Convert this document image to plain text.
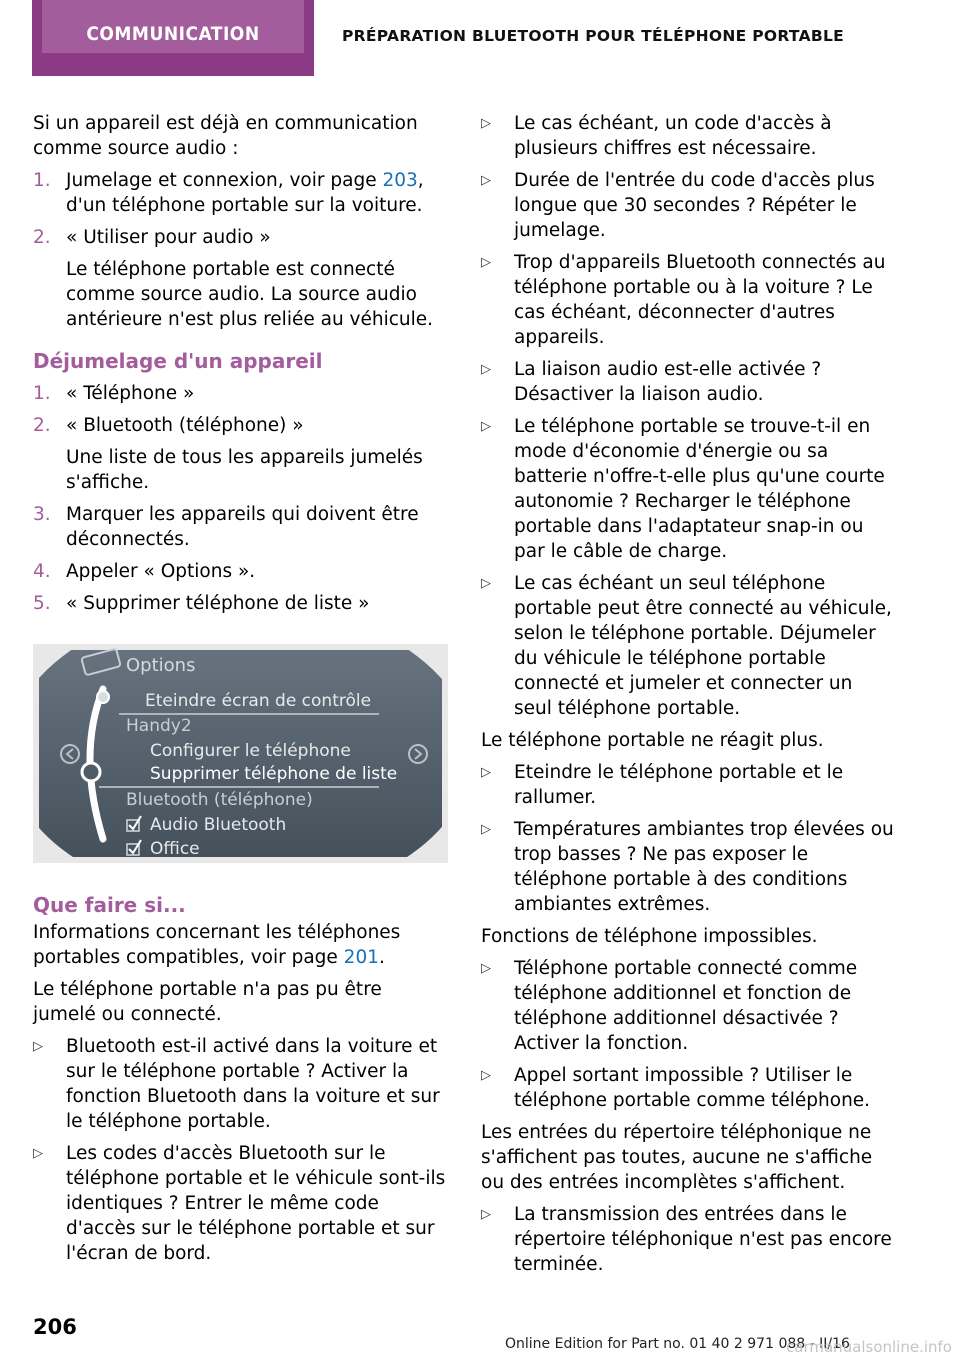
COMMUNICATION	PRÉPARATION BLUETOOTH POUR TÉLÉPHONE PORTABLE

Si un appareil est déjà en communication comme source audio :

1. Jumelage et connexion, voir page 203, d'un téléphone portable sur la voiture.
2. « Utiliser pour audio »
Le téléphone portable est connecté comme source audio. La source audio antérieure n'est plus reliée au véhicule.
Déjumelage d'un appareil
1. « Téléphone »
2. « Bluetooth (téléphone) »
Une liste de tous les appareils jumelés s'affiche.
3. Marquer les appareils qui doivent être déconnectés.
4. Appeler « Options ».
5. « Supprimer téléphone de liste »
Options
Eteindre écran de contrôle
Handy2
Configurer le téléphone
Supprimer téléphone de liste
Bluetooth (téléphone)
Audio Bluetooth
Office
Que faire si...

Informations concernant les téléphones portables compatibles, voir page 201.

Le téléphone portable n'a pas pu être jumelé ou connecté.

▷ Bluetooth est-il activé dans la voiture et sur le téléphone portable ? Activer la fonction Bluetooth dans la voiture et sur le téléphone portable.
▷ Les codes d'accès Bluetooth sur le téléphone portable et le véhicule sont-ils identiques ? Entrer le même code d'accès sur le téléphone portable et sur l'écran de bord.
▷ Le cas échéant, un code d'accès à plusieurs chiffres est nécessaire.
▷ Durée de l'entrée du code d'accès plus longue que 30 secondes ? Répéter le jumelage.
▷ Trop d'appareils Bluetooth connectés au téléphone portable ou à la voiture ? Le cas échéant, déconnecter d'autres appareils.
▷ La liaison audio est-elle activée ? Désactiver la liaison audio.
▷ Le téléphone portable se trouve-t-il en mode d'économie d'énergie ou sa batterie n'offre-t-elle plus qu'une courte autonomie ? Recharger le téléphone portable dans l'adaptateur snap-in ou par le câble de charge.
▷ Le cas échéant un seul téléphone portable peut être connecté au véhicule, selon le téléphone portable. Déjumeler du véhicule le téléphone portable connecté et jumeler et connecter un seul téléphone portable.

Le téléphone portable ne réagit plus.

▷ Eteindre le téléphone portable et le rallumer.
▷ Températures ambiantes trop élevées ou trop basses ? Ne pas exposer le téléphone portable à des conditions ambiantes extrêmes.

Fonctions de téléphone impossibles.

▷ Téléphone portable connecté comme téléphone additionnel et fonction de téléphone additionnel désactivée ? Activer la fonction.
▷ Appel sortant impossible ? Utiliser le téléphone portable comme téléphone.

Les entrées du répertoire téléphonique ne s'affichent pas toutes, aucune ne s'affiche ou des entrées incomplètes s'affichent.

▷ La transmission des entrées dans le répertoire téléphonique n'est pas encore terminée.
206
Online Edition for Part no. 01 40 2 971 088 - II/16
carmanualsonline.info
